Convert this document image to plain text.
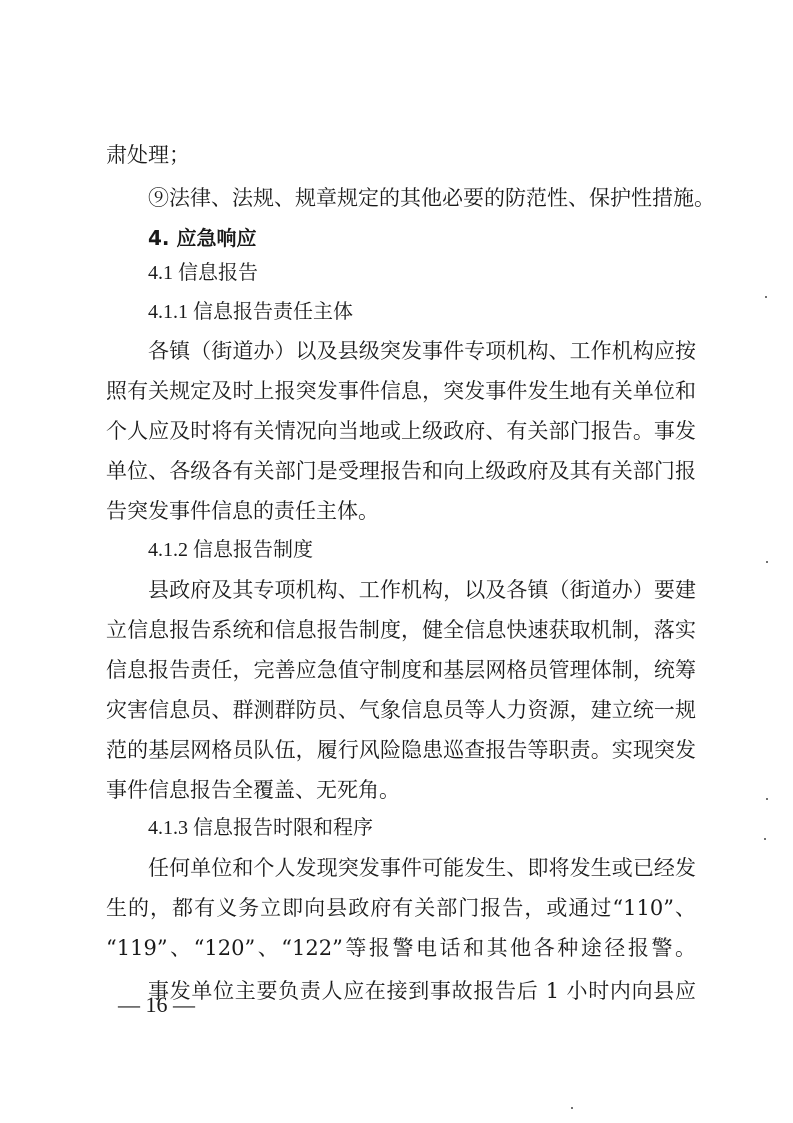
肃处理；
⑨法律、法规、规章规定的其他必要的防范性、保护性措施。
4. 应急响应
4.1 信息报告
4.1.1 信息报告责任主体
各镇（街道办）以及县级突发事件专项机构、工作机构应按
照有关规定及时上报突发事件信息，突发事件发生地有关单位和
个人应及时将有关情况向当地或上级政府、有关部门报告。事发
单位、各级各有关部门是受理报告和向上级政府及其有关部门报
告突发事件信息的责任主体。
4.1.2 信息报告制度
县政府及其专项机构、工作机构，以及各镇（街道办）要建
立信息报告系统和信息报告制度，健全信息快速获取机制，落实
信息报告责任，完善应急值守制度和基层网格员管理体制，统筹
灾害信息员、群测群防员、气象信息员等人力资源，建立统一规
范的基层网格员队伍，履行风险隐患巡查报告等职责。实现突发
事件信息报告全覆盖、无死角。
4.1.3 信息报告时限和程序
任何单位和个人发现突发事件可能发生、即将发生或已经发
生的，都有义务立即向县政府有关部门报告，或通过“110”、
“119”、“120”、“122”等报警电话和其他各种途径报警。
事发单位主要负责人应在接到事故报告后 1 小时内向县应
— 16 —
